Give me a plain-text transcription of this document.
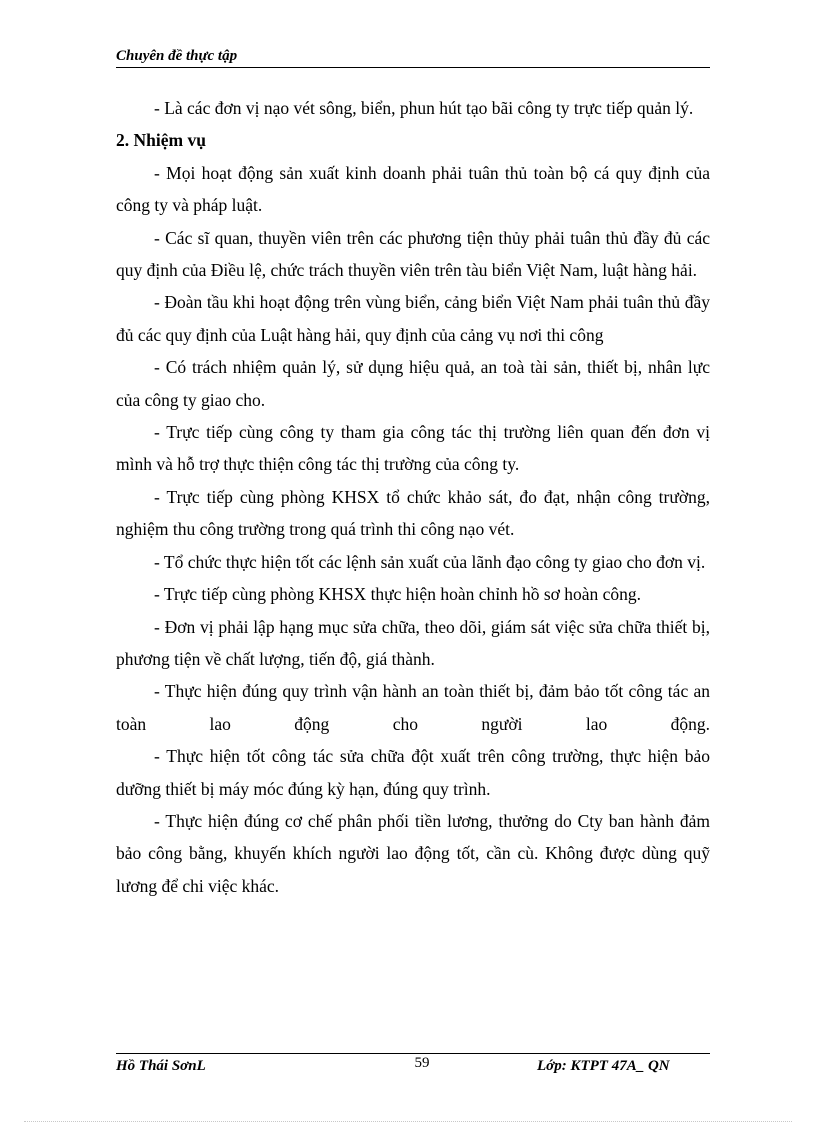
Chuyên đề thực tập

- Là các đơn vị nạo vét sông, biển, phun hút tạo bãi công ty trực tiếp quản lý.

2. Nhiệm vụ

- Mọi hoạt động sản xuất kinh doanh phải tuân thủ toàn bộ cá quy định của công ty và pháp luật.

- Các sĩ quan, thuyền viên trên các phương tiện thủy phải tuân thủ đầy đủ các quy định của Điều lệ, chức trách thuyền viên trên tàu biển Việt Nam, luật hàng hải.

- Đoàn tầu khi hoạt động trên vùng biển, cảng biển Việt Nam phải tuân thủ đầy đủ các quy định của Luật hàng hải, quy định của cảng vụ nơi thi công

- Có trách nhiệm quản lý, sử dụng hiệu quả, an toà tài sản, thiết bị, nhân lực của công ty giao cho.

- Trực tiếp cùng công ty tham gia công tác thị trường liên quan đến đơn vị mình và hỗ trợ thực thiện công tác thị trường của công ty.

- Trực tiếp cùng phòng KHSX tổ chức khảo sát, đo đạt, nhận công trường, nghiệm thu công trường trong quá trình thi công nạo vét.

- Tổ chức thực hiện tốt các lệnh sản xuất của lãnh đạo công ty giao cho đơn vị.

- Trực tiếp cùng phòng KHSX thực hiện hoàn chỉnh hồ sơ hoàn công.

- Đơn vị phải lập hạng mục sửa chữa, theo dõi, giám sát việc sửa chữa thiết bị, phương tiện về chất lượng, tiến độ, giá thành.

- Thực hiện đúng quy trình vận hành an toàn thiết bị, đảm bảo tốt công tác an toàn lao động cho người lao động.

- Thực hiện tốt công tác sửa chữa đột xuất trên công trường, thực hiện bảo dưỡng thiết bị máy móc đúng kỳ hạn, đúng quy trình.

- Thực hiện đúng cơ chế phân phối tiền lương, thưởng do Cty ban hành đảm bảo công bằng, khuyến khích người lao động tốt, cần cù. Không được dùng quỹ lương để chi việc khác.

Hồ Thái SơnL	59	Lớp: KTPT 47A_ QN
